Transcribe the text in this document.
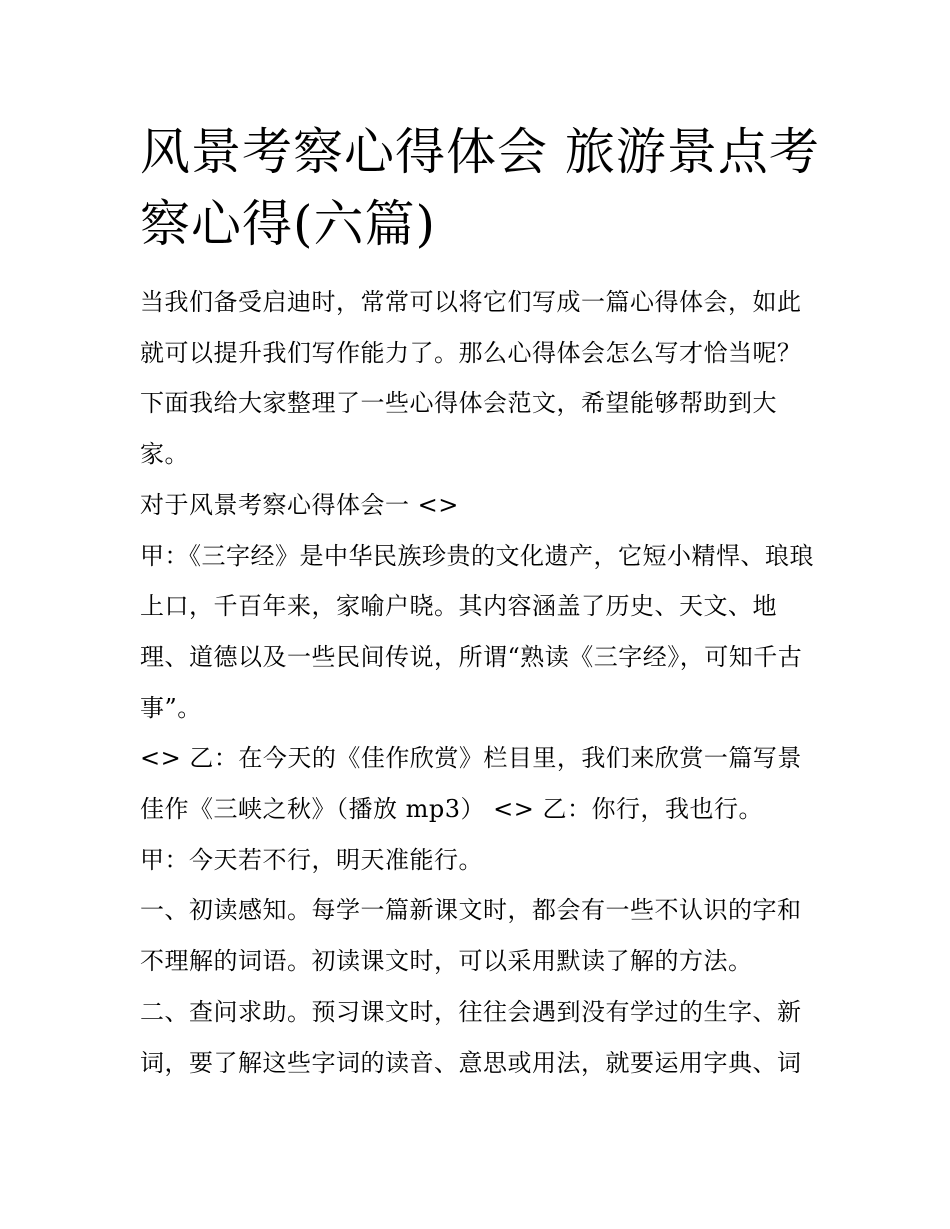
风景考察心得体会 旅游景点考察心得(六篇)

当我们备受启迪时，常常可以将它们写成一篇心得体会，如此就可以提升我们写作能力了。那么心得体会怎么写才恰当呢？下面我给大家整理了一些心得体会范文，希望能够帮助到大家。

对于风景考察心得体会一 <>

甲：《三字经》是中华民族珍贵的文化遗产，它短小精悍、琅琅上口，千百年来，家喻户晓。其内容涵盖了历史、天文、地理、道德以及一些民间传说，所谓“熟读《三字经》，可知千古事”。

<> 乙：在今天的《佳作欣赏》栏目里，我们来欣赏一篇写景佳作《三峡之秋》（播放 mp3） <> 乙：你行，我也行。 甲：今天若不行，明天准能行。

一、初读感知。每学一篇新课文时，都会有一些不认识的字和不理解的词语。初读课文时，可以采用默读了解的方法。

二、查问求助。预习课文时，往往会遇到没有学过的生字、新词，要了解这些字词的读音、意思或用法，就要运用字典、词
